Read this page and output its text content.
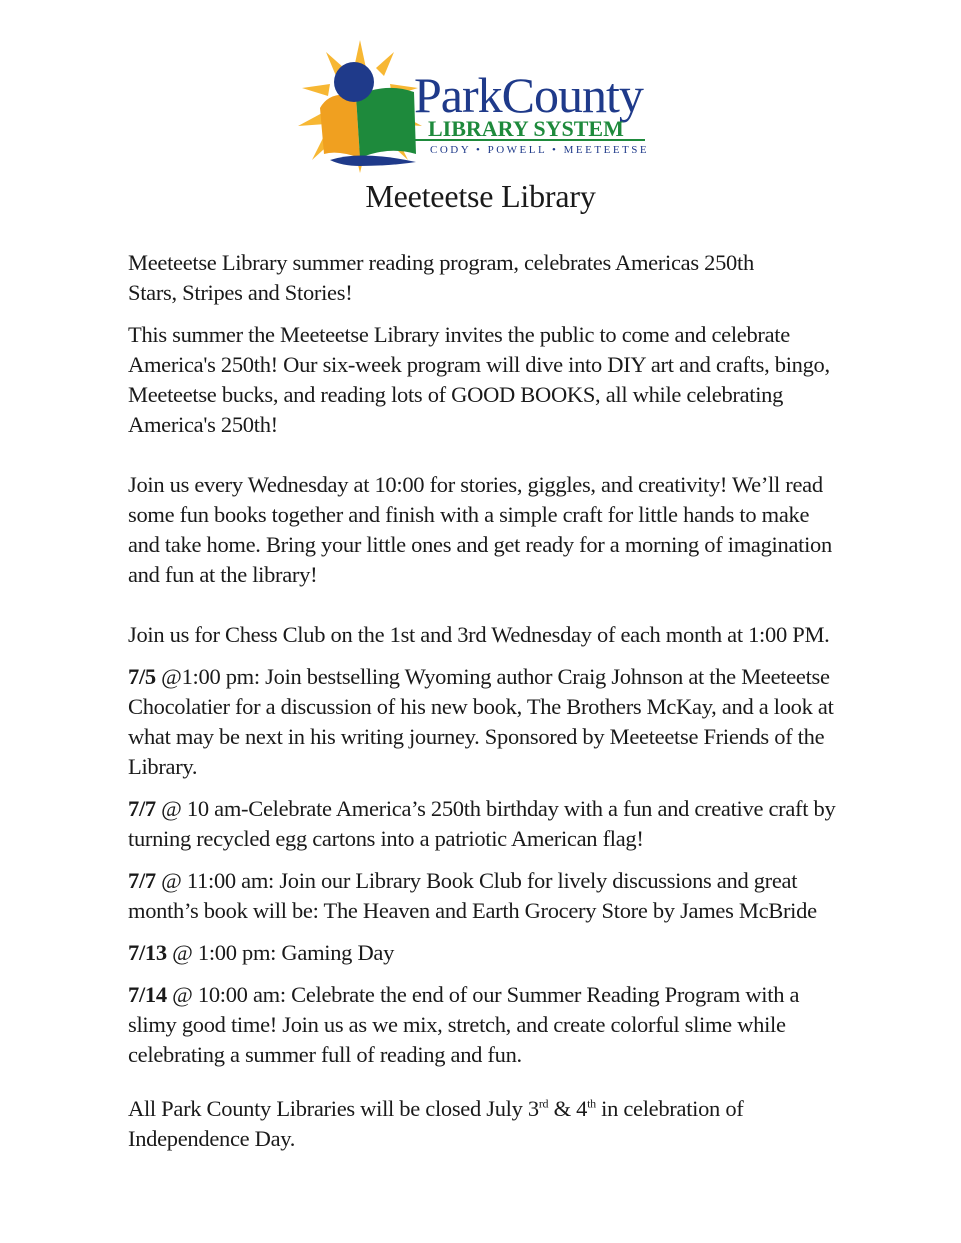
ParkCounty
LIBRARY SYSTEM
CODY • POWELL • MEETEETSE
Meeteetse Library

Meeteetse Library summer reading program, celebrates Americas 250th
Stars, Stripes and Stories!

This summer the Meeteetse Library invites the public to come and celebrate America's 250th! Our six-week program will dive into DIY art and crafts, bingo, Meeteetse bucks, and reading lots of GOOD BOOKS, all while celebrating America's 250th!

Join us every Wednesday at 10:00 for stories, giggles, and creativity! We’ll read some fun books together and finish with a simple craft for little hands to make and take home. Bring your little ones and get ready for a morning of imagination and fun at the library!

Join us for Chess Club on the 1st and 3rd Wednesday of each month at 1:00 PM.

7/5 @1:00 pm: Join bestselling Wyoming author Craig Johnson at the Meeteetse Chocolatier for a discussion of his new book, The Brothers McKay, and a look at what may be next in his writing journey. Sponsored by Meeteetse Friends of the Library.

7/7 @ 10 am-Celebrate America’s 250th birthday with a fun and creative craft by turning recycled egg cartons into a patriotic American flag!

7/7 @ 11:00 am: Join our Library Book Club for lively discussions and great month’s book will be: The Heaven and Earth Grocery Store by James McBride

7/13 @ 1:00 pm: Gaming Day

7/14 @ 10:00 am: Celebrate the end of our Summer Reading Program with a slimy good time! Join us as we mix, stretch, and create colorful slime while celebrating a summer full of reading and fun.

All Park County Libraries will be closed July 3rd & 4th in celebration of Independence Day.
